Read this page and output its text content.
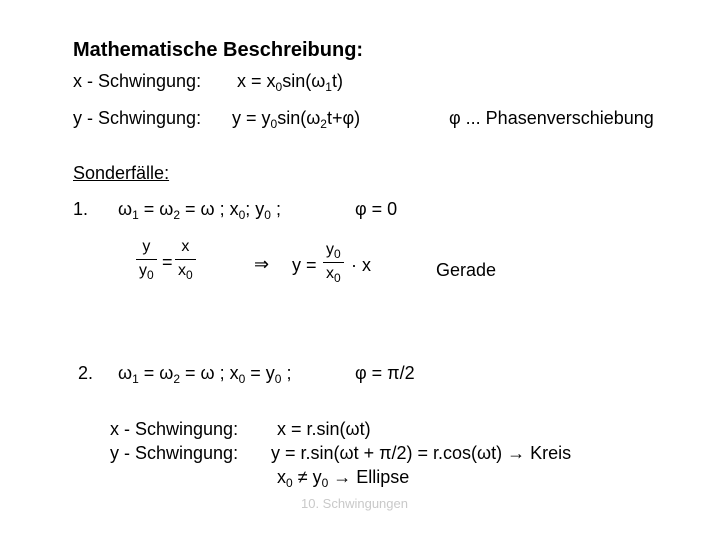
Mathematische Beschreibung:
x - Schwingung: $x = x_0\sin(\omega_1t)$
y - Schwingung: $y = y_0\sin(\omega_2t+\varphi)$	φ ... Phasenverschiebung
Sonderfälle:
1. $\omega_1 = \omega_2 = \omega$ ; $x_0$; $y_0$ ;	φ = 0
y
$y_0$
=
x
$x_0$
⇒ y =
$y_0$
$x_0$
· x	Gerade
2. $\omega_1 = \omega_2 = \omega$ ; $x_0 = y_0$ ;	φ = π/2
x - Schwingung: x = r.sin(ωt)
y - Schwingung: y = r.sin(ωt + π/2) = r.cos(ωt) → Kreis
$x_0 \ne y_0$ → Ellipse
10. Schwingungen
